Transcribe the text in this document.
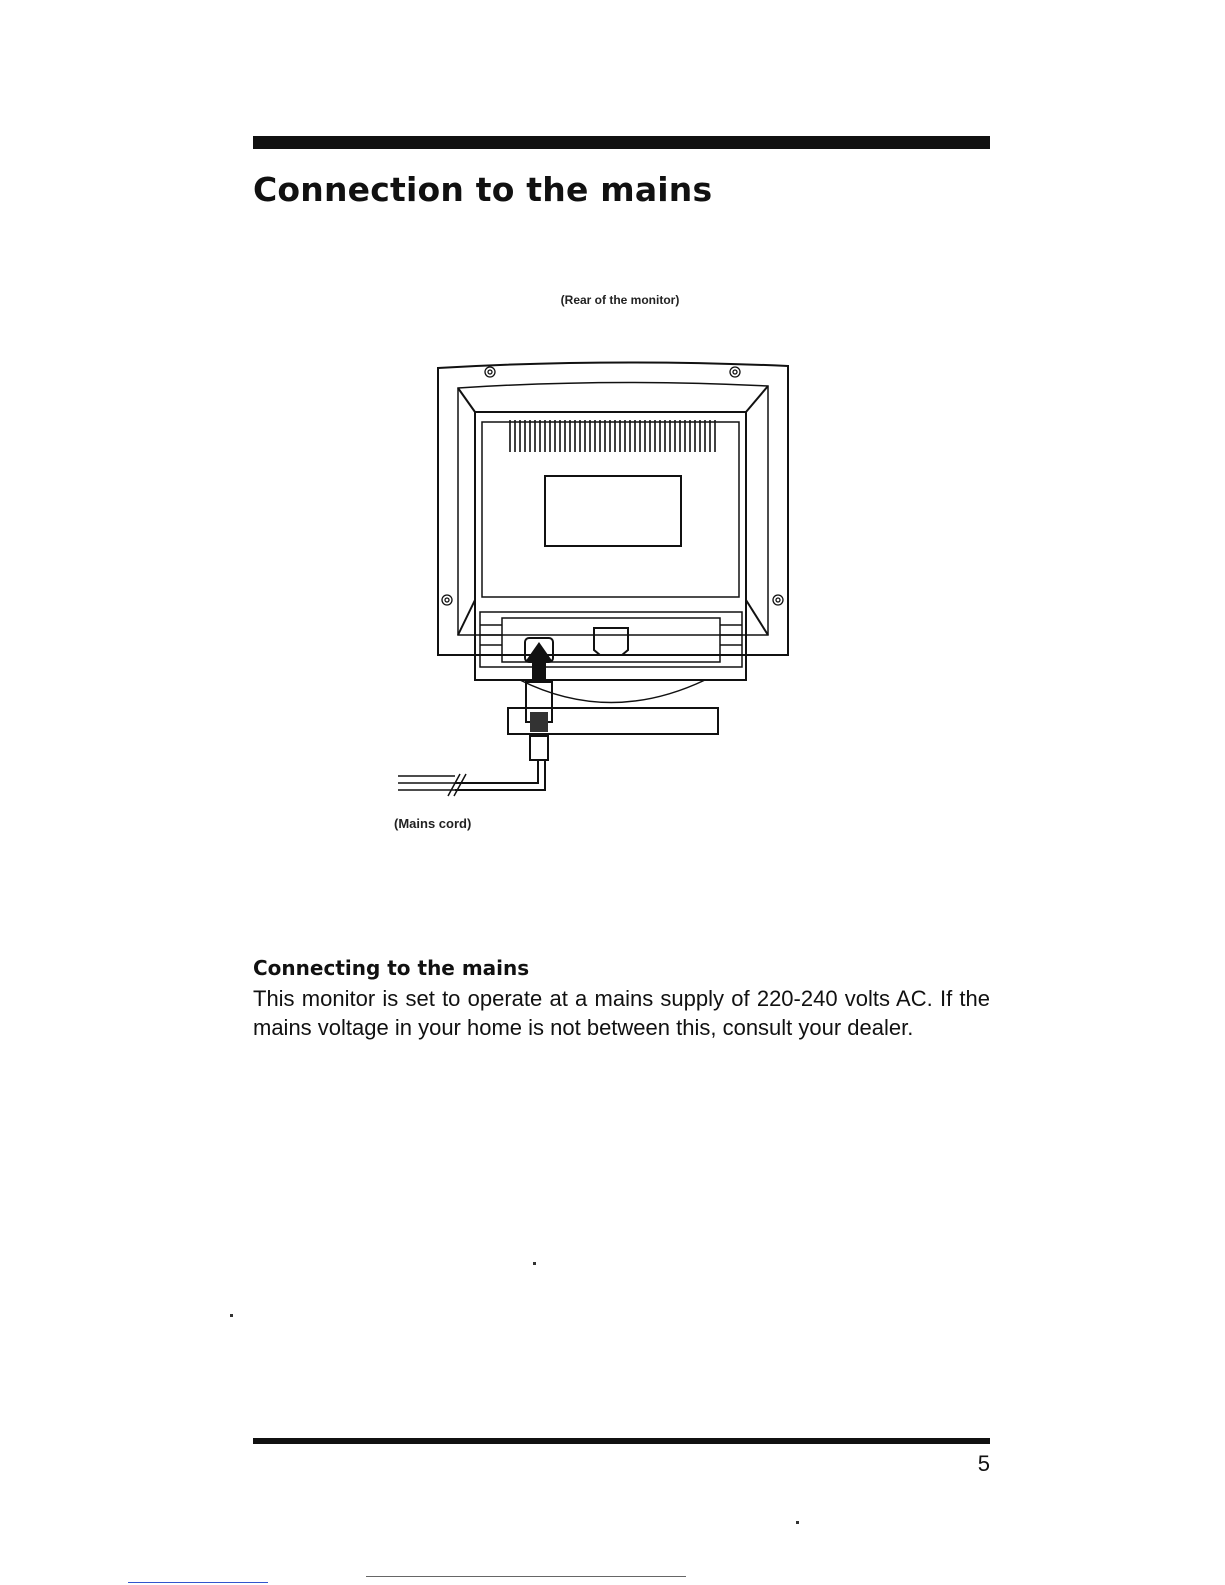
Connection to the mains
(Rear of the monitor)
(Mains cord)
Connecting to the mains

This monitor is set to operate at a mains supply of 220-240 volts AC. If the mains voltage in your home is not between this, consult your dealer.

5
